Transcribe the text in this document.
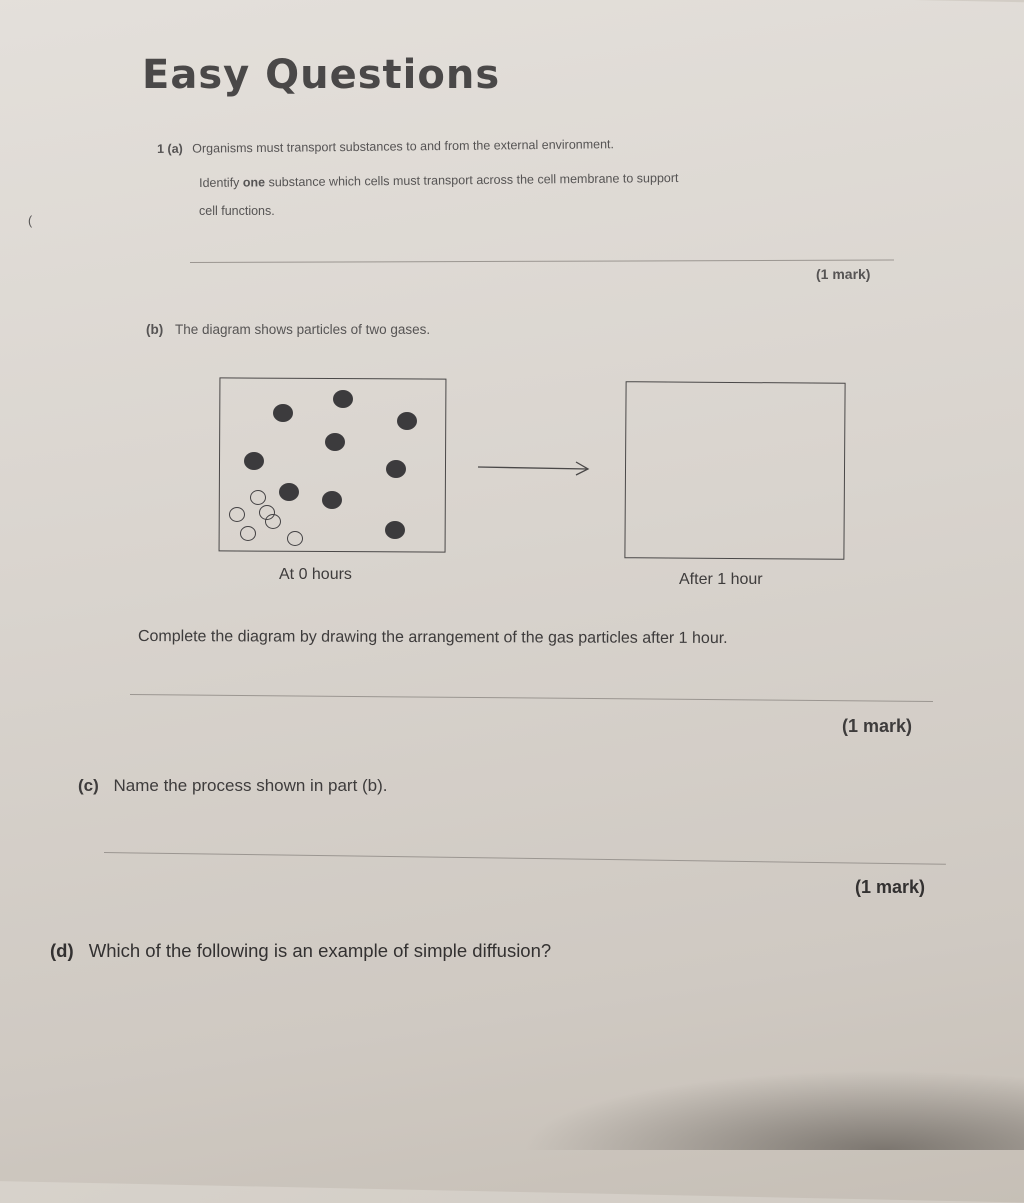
Easy Questions
(
1 (a) Organisms must transport substances to and from the external environment.
Identify one substance which cells must transport across the cell membrane to support
cell functions.
(1 mark)
(b) The diagram shows particles of two gases.
At 0 hours	After 1 hour
Complete the diagram by drawing the arrangement of the gas particles after 1 hour.
(1 mark)
(c) Name the process shown in part (b).
(1 mark)
(d) Which of the following is an example of simple diffusion?
